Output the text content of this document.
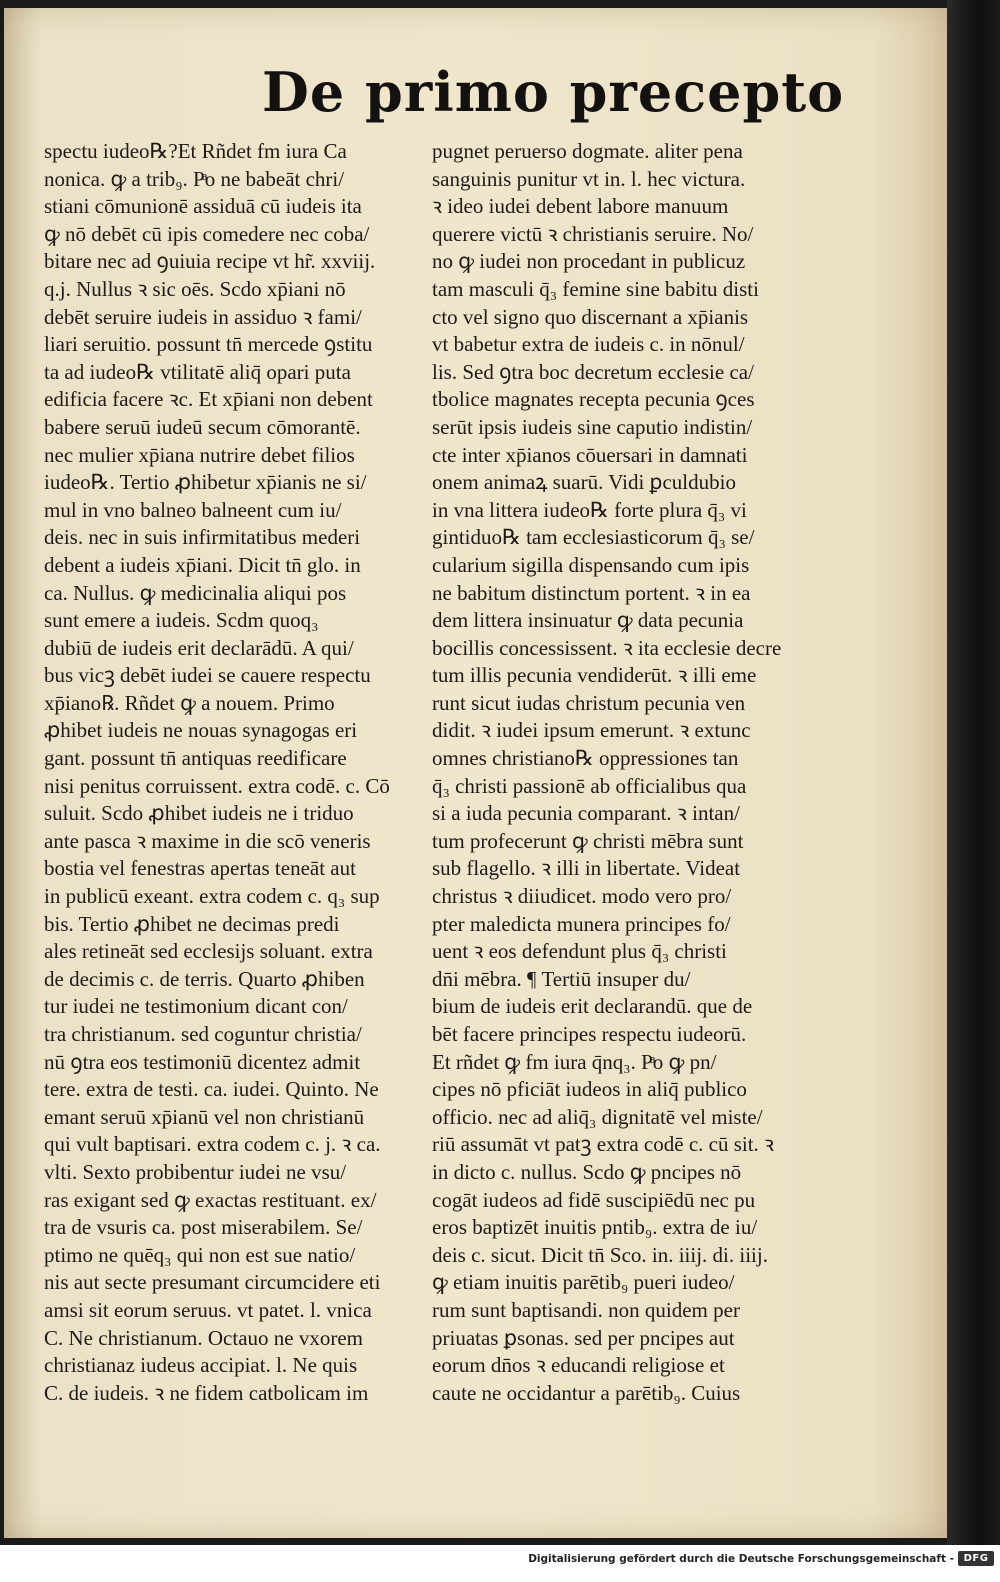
De primo precepto
spectu iudeo℞?Et Rñdet fm iura Ca
nonica. ꝙ a trib₉. Pͣo ne babeāt chri/
stiani cōmunionē assiduā cū iudeis ita
ꝙ nō debēt cū ipis comedere nec coba/
bitare nec ad ꝯuiuia recipe vt hr̃. xxviij.
q.j. Nullus ꝛ sic oēs. Scdo xp̄iani nō
debēt seruire iudeis in assiduo ꝛ fami/
liari seruitio. possunt tn̄ mercede ꝯstitu
ta ad iudeo℞ vtilitatē aliq̄ opari puta
edificia facere ꝛc. Et xp̄iani non debent
babere seruū iudeū secum cōmorantē.
nec mulier xp̄iana nutrire debet filios
iudeo℞. Tertio ꝓhibetur xp̄ianis ne si/
mul in vno balneo balneent cum iu/
deis. nec in suis infirmitatibus mederi
debent a iudeis xp̄iani. Dicit tn̄ glo. in
ca. Nullus. ꝙ medicinalia aliqui pos
sunt emere a iudeis. Scdm quoq₃
dubiū de iudeis erit declarādū. A qui/
bus vicꝫ debēt iudei se cauere respectu
xp̄iano℞. Rñdet ꝙ a nouem. Primo
ꝓhibet iudeis ne nouas synagogas eri
gant. possunt tn̄ antiquas reedificare
nisi penitus corruissent. extra codē. c. Cō
suluit. Scdo ꝓhibet iudeis ne i triduo
ante pasca ꝛ maxime in die scō veneris
bostia vel fenestras apertas teneāt aut
in publicū exeant. extra codem c. q₃ sup
bis. Tertio ꝓhibet ne decimas predi
ales retineāt sed ecclesijs soluant. extra
de decimis c. de terris. Quarto ꝓhiben
tur iudei ne testimonium dicant con/
tra christianum. sed coguntur christia/
nū ꝯtra eos testimoniū dicentez admit
tere. extra de testi. ca. iudei. Quinto. Ne
emant seruū xp̄ianū vel non christianū
qui vult baptisari. extra codem c. j. ꝛ ca.
vlti. Sexto probibentur iudei ne vsu/
ras exigant sed ꝙ exactas restituant. ex/
tra de vsuris ca. post miserabilem. Se/
ptimo ne quēq₃ qui non est sue natio/
nis aut secte presumant circumcidere eti
amsi sit eorum seruus. vt patet. l. vnica
C. Ne christianum. Octauo ne vxorem
christianaz iudeus accipiat. l. Ne quis
C. de iudeis. ꝛ ne fidem catbolicam im
pugnet peruerso dogmate. aliter pena
sanguinis punitur vt in. l. hec victura.
ꝛ ideo iudei debent labore manuum
querere victū ꝛ christianis seruire. No/
no ꝙ iudei non procedant in publicuz
tam masculi q̄₃ femine sine babitu disti
cto vel signo quo discernant a xp̄ianis
vt babetur extra de iudeis c. in nōnul/
lis. Sed ꝯtra boc decretum ecclesie ca/
tbolice magnates recepta pecunia ꝯces
serūt ipsis iudeis sine caputio indistin/
cte inter xp̄ianos cōuersari in damnati
onem animaꝝ suarū. Vidi ꝑculdubio
in vna littera iudeo℞ forte plura q̄₃ vi
gintiduo℞ tam ecclesiasticorum q̄₃ se/
cularium sigilla dispensando cum ipis
ne babitum distinctum portent. ꝛ in ea
dem littera insinuatur ꝙ data pecunia
bocillis concessissent. ꝛ ita ecclesie decre
tum illis pecunia vendiderūt. ꝛ illi eme
runt sicut iudas christum pecunia ven
didit. ꝛ iudei ipsum emerunt. ꝛ extunc
omnes christiano℞ oppressiones tan
q̄₃ christi passionē ab officialibus qua
si a iuda pecunia comparant. ꝛ intan/
tum profecerunt ꝙ christi mēbra sunt
sub flagello. ꝛ illi in libertate. Videat
christus ꝛ diiudicet. modo vero pro/
pter maledicta munera principes fo/
uent ꝛ eos defendunt plus q̄₃ christi
dn̄i mēbra. ¶ Tertiū insuper du/
bium de iudeis erit declarandū. que de
bēt facere principes respectu iudeorū.
Et rñdet ꝙ fm iura q̄nq₃. Pͣo ꝙ pn/
cipes nō pficiāt iudeos in aliq̄ publico
officio. nec ad aliq̄₃ dignitatē vel miste/
riū assumāt vt patꝫ extra codē c. cū sit. ꝛ
in dicto c. nullus. Scdo ꝙ pncipes nō
cogāt iudeos ad fidē suscipiēdū nec pu
eros baptizēt inuitis pntib₉. extra de iu/
deis c. sicut. Dicit tn̄ Sco. in. iiij. di. iiij.
ꝙ etiam inuitis parētib₉ pueri iudeo/
rum sunt baptisandi. non quidem per
priuatas ꝑsonas. sed per pncipes aut
eorum dn̄os ꝛ educandi religiose et
caute ne occidantur a parētib₉. Cuius
Digitalisierung gefördert durch die Deutsche Forschungsgemeinschaft - DFG
